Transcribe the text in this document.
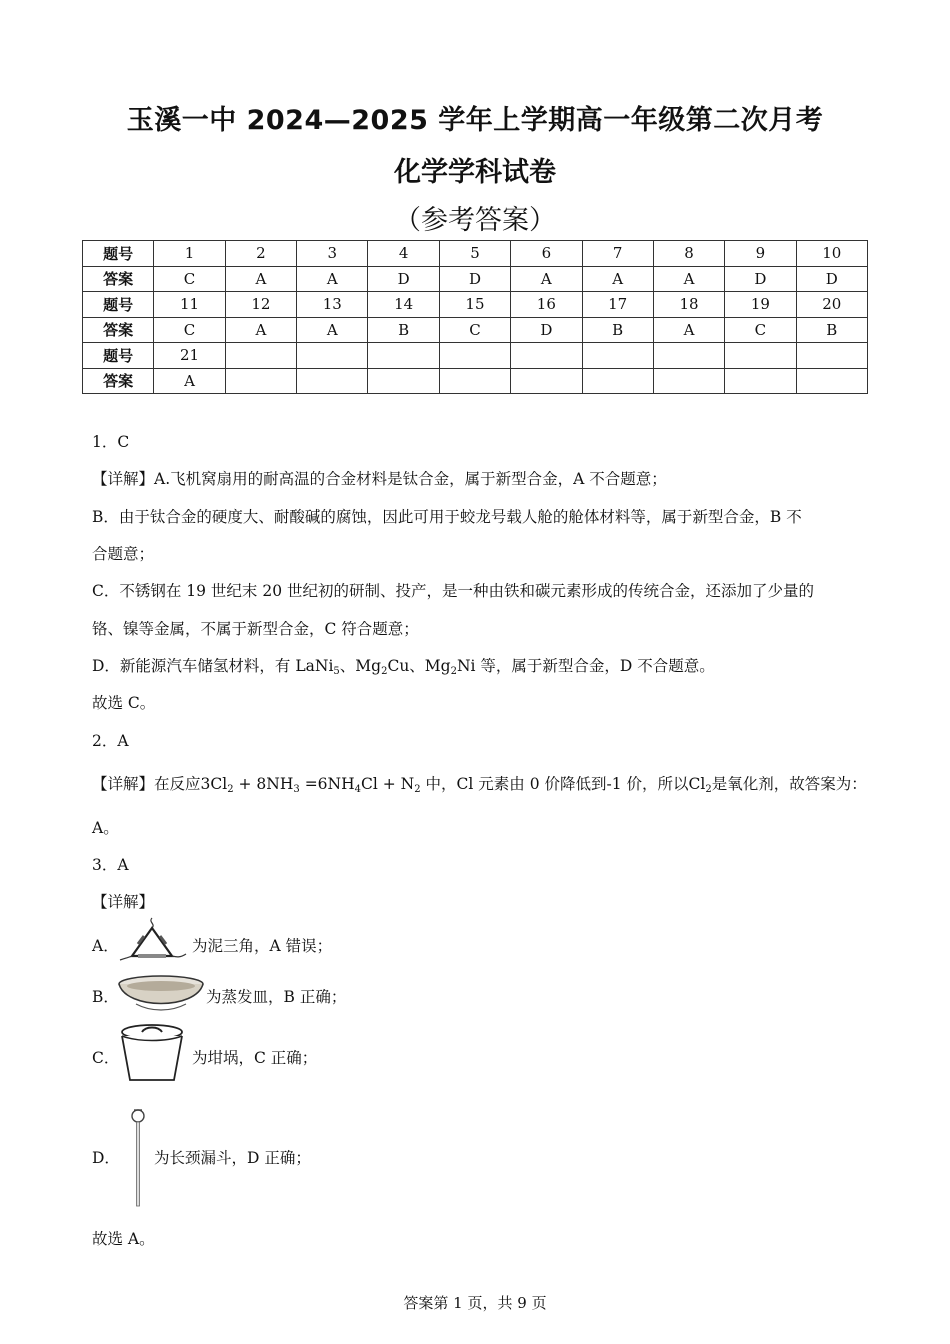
玉溪一中 2024—2025 学年上学期高一年级第二次月考
化学学科试卷
（参考答案）
题号	1	2	3	4	5	6	7	8	9	10
答案	C	A	A	D	D	A	A	A	D	D
题号	11	12	13	14	15	16	17	18	19	20
答案	C	A	A	B	C	D	B	A	C	B
题号	21									
答案	A									
1．C
【详解】A.飞机窝扇用的耐高温的合金材料是钛合金，属于新型合金，A 不合题意；
B．由于钛合金的硬度大、耐酸碱的腐蚀，因此可用于蛟龙号载人舱的舱体材料等，属于新型合金，B 不
合题意；
C．不锈钢在 19 世纪末 20 世纪初的研制、投产，是一种由铁和碳元素形成的传统合金，还添加了少量的
铬、镍等金属，不属于新型合金，C 符合题意；
D．新能源汽车储氢材料，有 LaNi$_5$、$Mg_2Cu$、$Mg_2Ni$ 等，属于新型合金，D 不合题意。
故选 C。
2．A
【详解】在反应$3Cl_2 + 8NH_3 =6NH_4Cl + N_2$ 中，Cl 元素由 0 价降低到-1 价，所以$Cl_2$是氧化剂，故答案为：
A。
3．A
【详解】
A．	为泥三角，A 错误；
B．	为蒸发皿，B 正确；
C．	为坩埚，C 正确；
D． 为长颈漏斗，D 正确；
故选 A。
答案第 1 页，共 9 页
